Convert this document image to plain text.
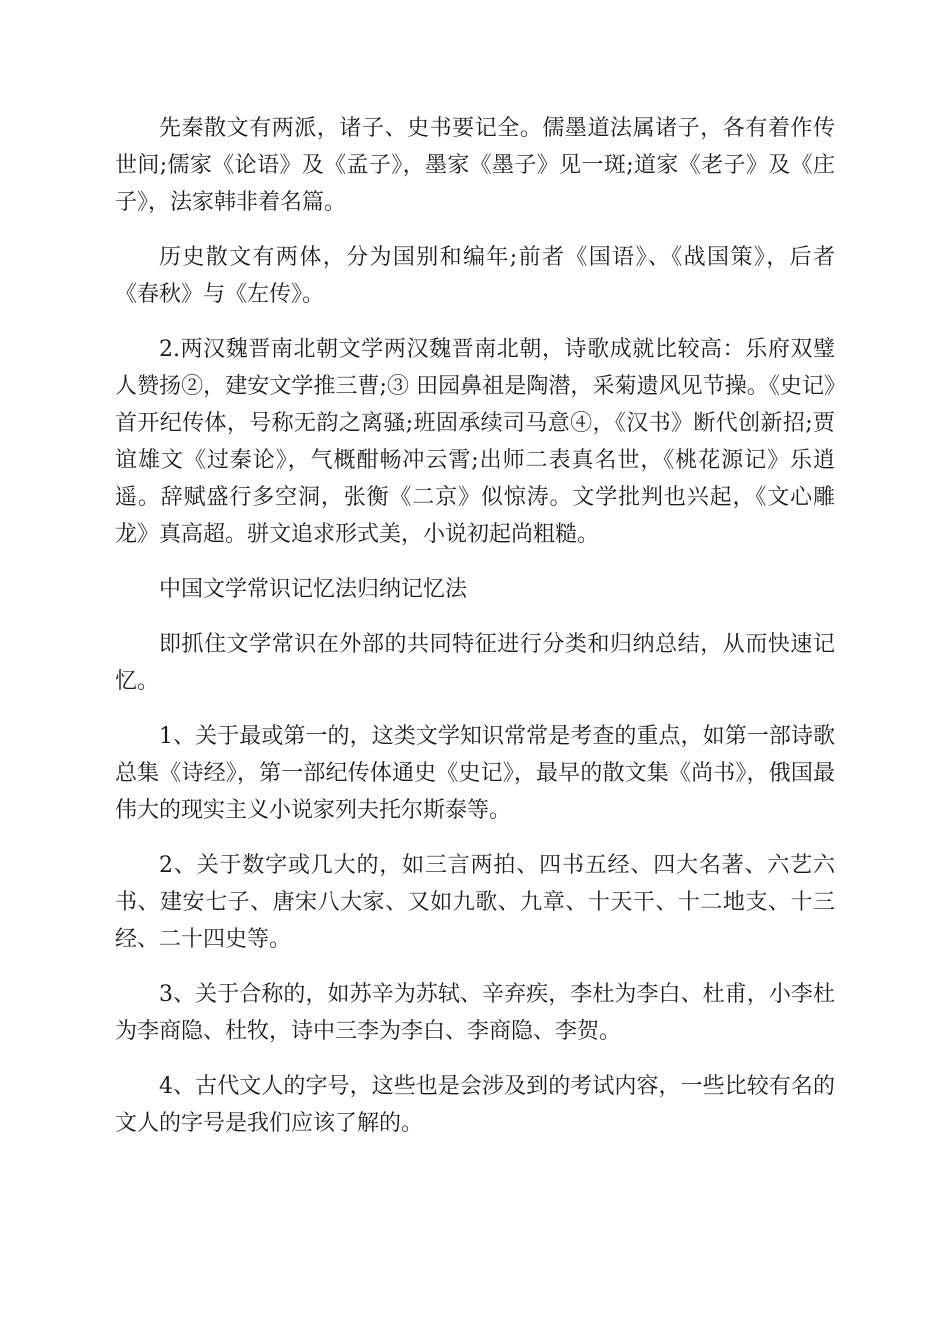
先秦散文有两派，诸子、史书要记全。儒墨道法属诸子，各有着作传世间;儒家《论语》及《孟子》，墨家《墨子》见一斑;道家《老子》及《庄子》，法家韩非着名篇。

历史散文有两体，分为国别和编年;前者《国语》、《战国策》，后者《春秋》与《左传》。

2.两汉魏晋南北朝文学两汉魏晋南北朝，诗歌成就比较高：乐府双璧人赞扬②，建安文学推三曹;③ 田园鼻祖是陶潜，采菊遗风见节操。《史记》首开纪传体，号称无韵之离骚;班固承续司马意④，《汉书》断代创新招;贾谊雄文《过秦论》，气概酣畅冲云霄;出师二表真名世，《桃花源记》乐逍遥。辞赋盛行多空洞，张衡《二京》似惊涛。文学批判也兴起，《文心雕龙》真高超。骈文追求形式美，小说初起尚粗糙。

中国文学常识记忆法归纳记忆法

即抓住文学常识在外部的共同特征进行分类和归纳总结，从而快速记忆。

1、关于最或第一的，这类文学知识常常是考查的重点，如第一部诗歌总集《诗经》，第一部纪传体通史《史记》，最早的散文集《尚书》，俄国最伟大的现实主义小说家列夫托尔斯泰等。

2、关于数字或几大的，如三言两拍、四书五经、四大名著、六艺六书、建安七子、唐宋八大家、又如九歌、九章、十天干、十二地支、十三经、二十四史等。

3、关于合称的，如苏辛为苏轼、辛弃疾，李杜为李白、杜甫，小李杜为李商隐、杜牧，诗中三李为李白、李商隐、李贺。

4、古代文人的字号，这些也是会涉及到的考试内容，一些比较有名的文人的字号是我们应该了解的。
